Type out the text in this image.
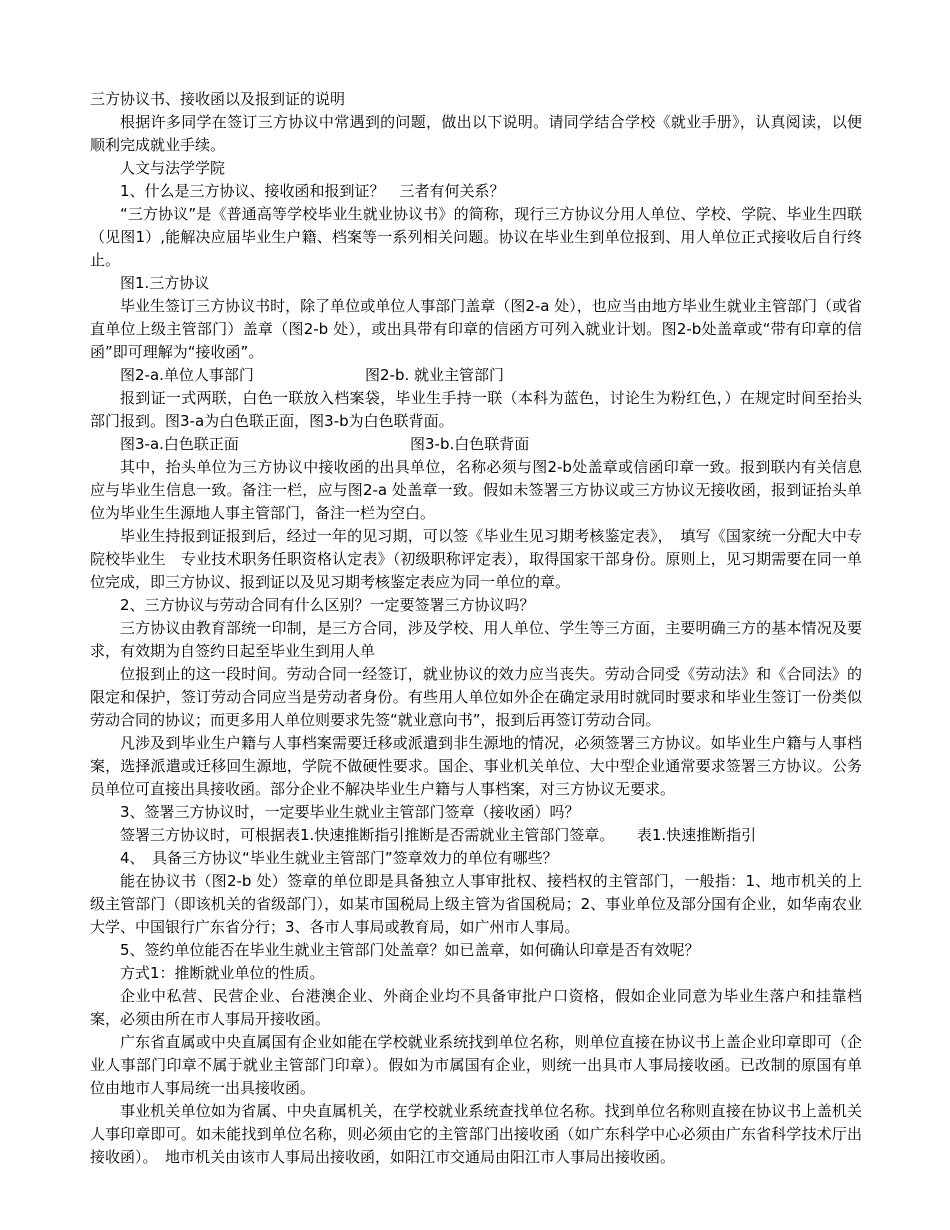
三方协议书、接收函以及报到证的说明

根据许多同学在签订三方协议中常遇到的问题，做出以下说明。请同学结合学校《就业手册》，认真阅读，以便顺利完成就业手续。

人文与法学学院

1、什么是三方协议、接收函和报到证？　三者有何关系？

“三方协议”是《普通高等学校毕业生就业协议书》的简称，现行三方协议分用人单位、学校、学院、毕业生四联（见图1）,能解决应届毕业生户籍、档案等一系列相关问题。协议在毕业生到单位报到、用人单位正式接收后自行终止。

图1.三方协议

毕业生签订三方协议书时，除了单位或单位人事部门盖章（图2-a 处），也应当由地方毕业生就业主管部门（或省直单位上级主管部门）盖章（图2-b 处），或出具带有印章的信函方可列入就业计划。图2-b处盖章或“带有印章的信函”即可理解为“接收函”。

图2-a.单位人事部门	图2-b. 就业主管部门

报到证一式两联，白色一联放入档案袋，毕业生手持一联（本科为蓝色，讨论生为粉红色，）在规定时间至抬头部门报到。图3-a为白色联正面，图3-b为白色联背面。

图3-a.白色联正面	图3-b.白色联背面

其中，抬头单位为三方协议中接收函的出具单位，名称必须与图2-b处盖章或信函印章一致。报到联内有关信息应与毕业生信息一致。备注一栏，应与图2-a 处盖章一致。假如未签署三方协议或三方协议无接收函，报到证抬头单位为毕业生生源地人事主管部门，备注一栏为空白。

毕业生持报到证报到后，经过一年的见习期，可以签《毕业生见习期考核鉴定表》，　填写《国家统一分配大中专院校毕业生　专业技术职务任职资格认定表》（初级职称评定表），取得国家干部身份。原则上，见习期需要在同一单位完成，即三方协议、报到证以及见习期考核鉴定表应为同一单位的章。

2、三方协议与劳动合同有什么区别？一定要签署三方协议吗？

三方协议由教育部统一印制，是三方合同，涉及学校、用人单位、学生等三方面，主要明确三方的基本情况及要求，有效期为自签约日起至毕业生到用人单

位报到止的这一段时间。劳动合同一经签订，就业协议的效力应当丧失。劳动合同受《劳动法》和《合同法》的限定和保护，签订劳动合同应当是劳动者身份。有些用人单位如外企在确定录用时就同时要求和毕业生签订一份类似劳动合同的协议；而更多用人单位则要求先签“就业意向书”，报到后再签订劳动合同。

凡涉及到毕业生户籍与人事档案需要迁移或派遣到非生源地的情况，必须签署三方协议。如毕业生户籍与人事档案，选择派遣或迁移回生源地，学院不做硬性要求。国企、事业机关单位、大中型企业通常要求签署三方协议。公务员单位可直接出具接收函。部分企业不解决毕业生户籍与人事档案，对三方协议无要求。

3、签署三方协议时，一定要毕业生就业主管部门签章（接收函）吗？

签署三方协议时，可根据表1.快速推断指引推断是否需就业主管部门签章。　　表1.快速推断指引

4、　具备三方协议“毕业生就业主管部门”签章效力的单位有哪些？

能在协议书（图2-b 处）签章的单位即是具备独立人事审批权、接档权的主管部门，一般指：1、地市机关的上级主管部门（即该机关的省级部门），如某市国税局上级主管为省国税局；2、事业单位及部分国有企业，如华南农业大学、中国银行广东省分行；3、各市人事局或教育局，如广州市人事局。

5、签约单位能否在毕业生就业主管部门处盖章？如已盖章，如何确认印章是否有效呢？

方式1：推断就业单位的性质。

企业中私营、民营企业、台港澳企业、外商企业均不具备审批户口资格，假如企业同意为毕业生落户和挂靠档案，必须由所在市人事局开接收函。

广东省直属或中央直属国有企业如能在学校就业系统找到单位名称，则单位直接在协议书上盖企业印章即可（企业人事部门印章不属于就业主管部门印章）。假如为市属国有企业，则统一出具市人事局接收函。已改制的原国有单位由地市人事局统一出具接收函。

事业机关单位如为省属、中央直属机关，在学校就业系统查找单位名称。找到单位名称则直接在协议书上盖机关人事印章即可。如未能找到单位名称，则必须由它的主管部门出接收函（如广东科学中心必须由广东省科学技术厅出接收函）。　地市机关由该市人事局出接收函，如阳江市交通局由阳江市人事局出接收函。
